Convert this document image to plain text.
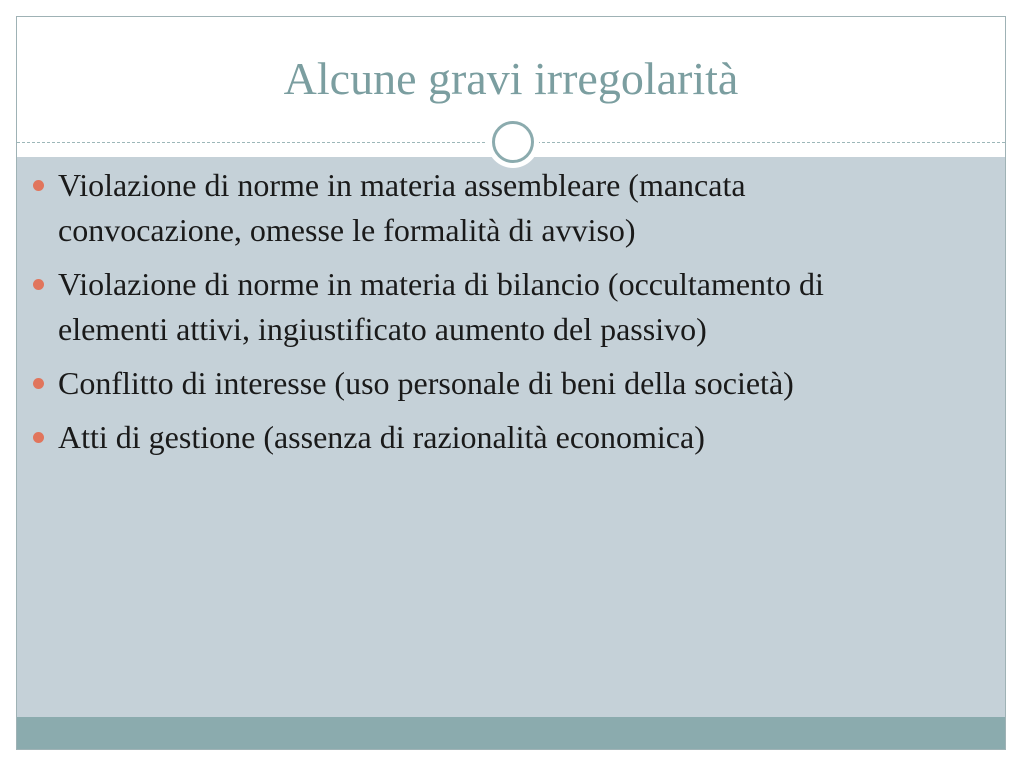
Alcune gravi irregolarità
Violazione di norme in materia assembleare (mancata convocazione, omesse le formalità di avviso)
Violazione di norme in materia di bilancio (occultamento di elementi attivi, ingiustificato aumento del passivo)
Conflitto di interesse (uso personale di beni della società)
Atti di gestione (assenza di razionalità economica)
